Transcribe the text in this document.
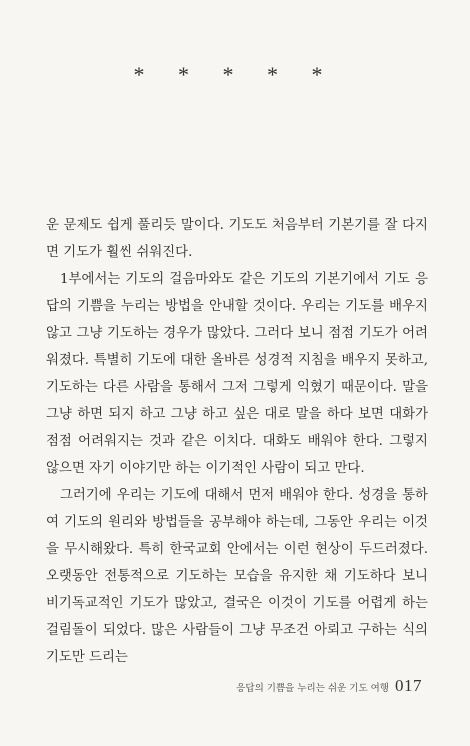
* * * * *

운 문제도 쉽게 풀리듯 말이다. 기도도 처음부터 기본기를 잘 다지면 기도가 훨씬 쉬워진다.

1부에서는 기도의 걸음마와도 같은 기도의 기본기에서 기도 응답의 기쁨을 누리는 방법을 안내할 것이다. 우리는 기도를 배우지 않고 그냥 기도하는 경우가 많았다. 그러다 보니 점점 기도가 어려워졌다. 특별히 기도에 대한 올바른 성경적 지침을 배우지 못하고, 기도하는 다른 사람을 통해서 그저 그렇게 익혔기 때문이다. 말을 그냥 하면 되지 하고 그냥 하고 싶은 대로 말을 하다 보면 대화가 점점 어려워지는 것과 같은 이치다. 대화도 배워야 한다. 그렇지 않으면 자기 이야기만 하는 이기적인 사람이 되고 만다.

그러기에 우리는 기도에 대해서 먼저 배워야 한다. 성경을 통하여 기도의 원리와 방법들을 공부해야 하는데, 그동안 우리는 이것을 무시해왔다. 특히 한국교회 안에서는 이런 현상이 두드러졌다. 오랫동안 전통적으로 기도하는 모습을 유지한 채 기도하다 보니 비기독교적인 기도가 많았고, 결국은 이것이 기도를 어렵게 하는 걸림돌이 되었다. 많은 사람들이 그냥 무조건 아뢰고 구하는 식의 기도만 드리는

응답의 기쁨을 누리는 쉬운 기도 여행 017
